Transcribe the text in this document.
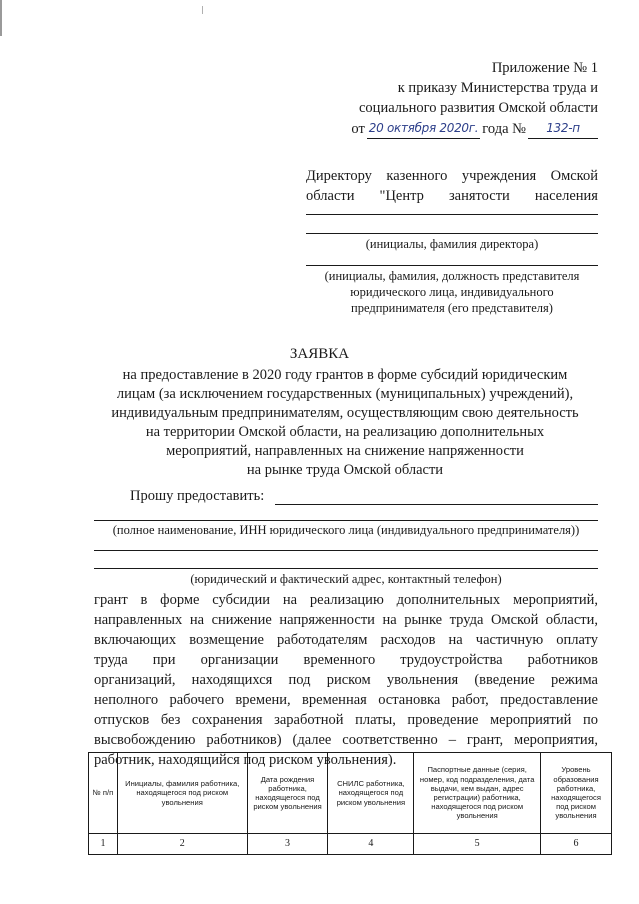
Приложение № 1
к приказу Министерства труда и
социального развития Омской области
от 20 октября 2020г. года №	132-п
Директору казенного учреждения Омской
области "Центр занятости населения
(инициалы, фамилия директора)
(инициалы, фамилия, должность представителя
юридического лица, индивидуального
предпринимателя (его представителя)
ЗАЯВКА
на предоставление в 2020 году грантов в форме субсидий юридическим
лицам (за исключением государственных (муниципальных) учреждений),
индивидуальным предпринимателям, осуществляющим свою деятельность
на территории Омской области, на реализацию дополнительных
мероприятий, направленных на снижение напряженности
на рынке труда Омской области
Прошу предоставить:
(полное наименование, ИНН юридического лица (индивидуального предпринимателя))
(юридический и фактический адрес, контактный телефон)
грант в форме субсидии на реализацию дополнительных мероприятий,
направленных на снижение напряженности на рынке труда Омской области,
включающих возмещение работодателям расходов на частичную оплату
труда при организации временного трудоустройства работников
организаций, находящихся под риском увольнения (введение режима
неполного рабочего времени, временная остановка работ, предоставление
отпусков без сохранения заработной платы, проведение мероприятий по
высвобождению работников) (далее соответственно – грант, мероприятия,
работник, находящийся под риском увольнения).
№ п/п	Инициалы, фамилия работника, находящегося под риском увольнения	Дата рождения работника, находящегося под риском увольнения	СНИЛС работника, находящегося под риском увольнения	Паспортные данные (серия, номер, код подразделения, дата выдачи, кем выдан, адрес регистрации) работника, находящегося под риском увольнения	Уровень образования работника, находящегося под риском увольнения
1	2	3	4	5	6
